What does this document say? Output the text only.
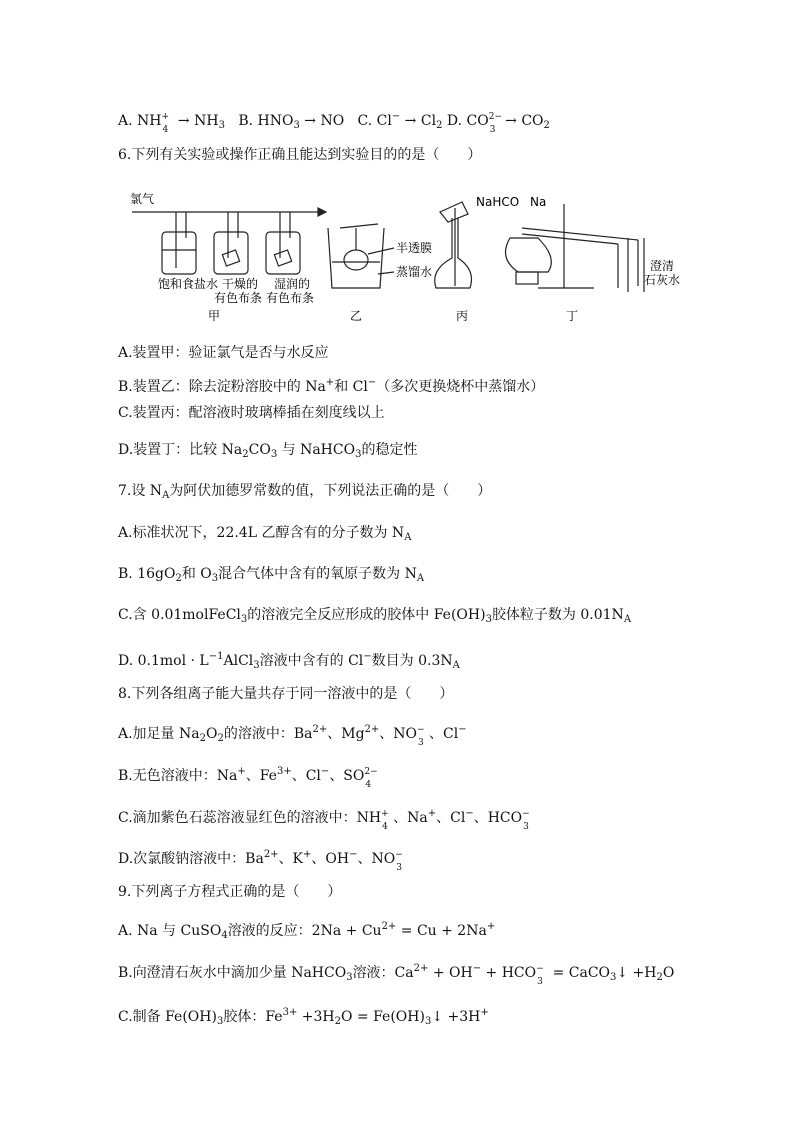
A. NH +
4
→ $NH_3$ B. $HNO_3$ → NO   C. $Cl^- \to Cl_2$ D. CO 2−
3
→ $CO_2$
6.下列有关实验或操作正确且能达到实验目的的是（　　）
氯气
饱和食盐水 干燥的 湿润的
有色布条 有色布条
半透膜
蒸馏水
NaHCO Na
澄清
石灰水
甲	乙	丙	丁
A.装置甲：验证氯气是否与水反应
B.装置乙：除去淀粉溶胶中的 Na+和 Cl−（多次更换烧杯中蒸馏水）
C.装置丙：配溶液时玻璃棒插在刻度线以上
D.装置丁：比较 $Na_2CO_3$ 与 NaHCO$_3$的稳定性
7.设 $N_A$为阿伏加德罗常数的值，下列说法正确的是（　　）
A.标准状况下，22.4L 乙醇含有的分子数为 $N_A$
B. $16gO_2$和 $O_3$混合气体中含有的氧原子数为 $N_A$
C.含 0.01molFeCl$_3$的溶液完全反应形成的胶体中 $Fe(OH)_3$胶体粒子数为 $0.01N_A$
D. $0.1mol \cdot L^{-1}AlCl_3$溶液中含有的 Cl−数目为 $0.3N_A$
8.下列各组离子能大量共存于同一溶液中的是（　　）
A.加足量 $Na_2O_2$的溶液中：$Ba^{2+}$、$Mg^{2+}$、NO −
3
、Cl−
B.无色溶液中：Na+、$Fe^{3+}$、Cl−、SO 2−
4
C.滴加紫色石蕊溶液显红色的溶液中：NH +
4
、Na+、Cl−、HCO −
3
D.次氯酸钠溶液中：$Ba^{2+}$、K+、OH−、NO −
3
9.下列离子方程式正确的是（　　）
A. Na 与 CuSO$_4$溶液的反应：$2Na + Cu^{2+} = Cu + 2Na^+$
B.向澄清石灰水中滴加少量 NaHCO$_3$溶液：$Ca^{2+} + OH^-$ + HCO −
3
= CaCO$_3$↓ $+H_2O$
C.制备 $Fe(OH)_3$胶体：$Fe^{3+} +3H_2O$ = $Fe(OH)_3↓ +3H^+$
